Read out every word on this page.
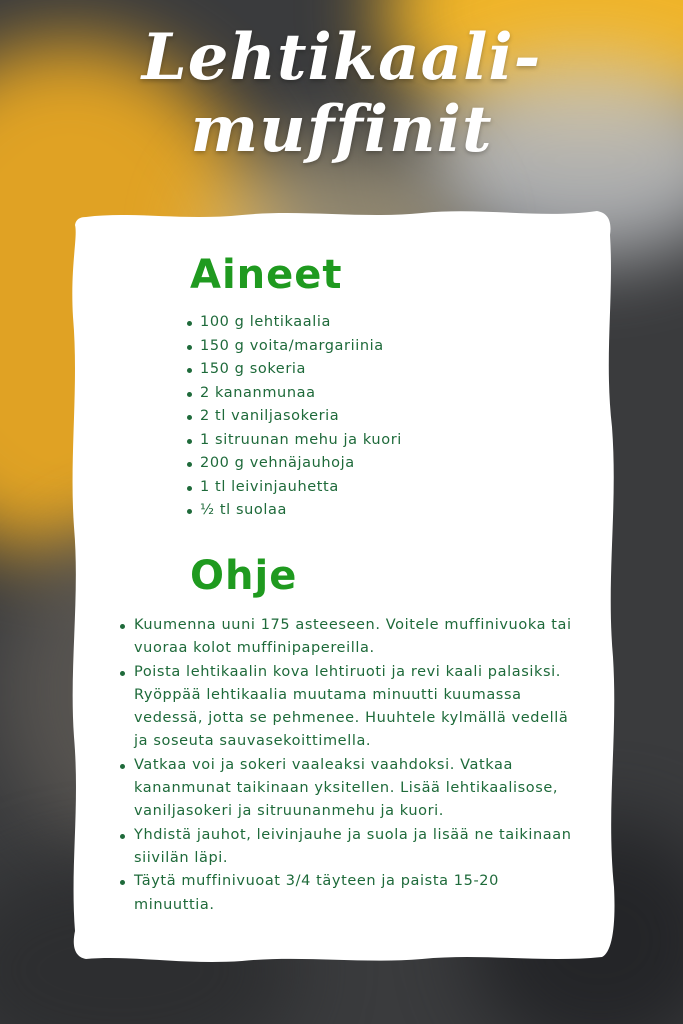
Lehtikaali-
muffinit
Aineet
100 g lehtikaalia
150 g voita/margariinia
150 g sokeria
2 kananmunaa
2 tl vaniljasokeria
1 sitruunan mehu ja kuori
200 g vehnäjauhoja
1 tl leivinjauhetta
½ tl suolaa
Ohje
Kuumenna uuni 175 asteeseen. Voitele muffinivuoka tai vuoraa kolot muffinipapereilla.
Poista lehtikaalin kova lehtiruoti ja revi kaali palasiksi. Ryöppää lehtikaalia muutama minuutti kuumassa vedessä, jotta se pehmenee. Huuhtele kylmällä vedellä ja soseuta sauvasekoittimella.
Vatkaa voi ja sokeri vaaleaksi vaahdoksi. Vatkaa kananmunat taikinaan yksitellen. Lisää lehtikaalisose, vaniljasokeri ja sitruunanmehu ja kuori.
Yhdistä jauhot, leivinjauhe ja suola ja lisää ne taikinaan siivilän läpi.
Täytä muffinivuoat 3/4 täyteen ja paista 15-20 minuuttia.
